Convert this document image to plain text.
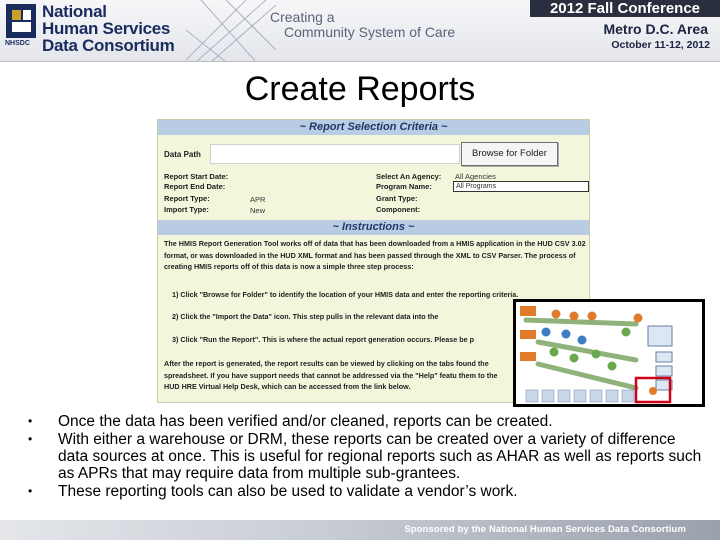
NHSDC
National
Human Services
Data Consortium
Creating a
Community System of Care
2012 Fall Conference
Metro D.C. Area
October 11-12, 2012
Create Reports
~ Report Selection Criteria ~
Data Path	Browse for Folder
Report Start Date:
Report End Date:
Report Type:	APR
Import Type:	New
Select An Agency: All Agencies
Program Name:	All Programs
Grant Type:
Component:
~ Instructions ~
The HMIS Report Generation Tool works off of data that has been downloaded from a HMIS application in the HUD CSV 3.02 format, or was downloaded in the HUD XML format and has been passed through the XML to CSV Parser. The process of creating HMIS reports off of this data is now a simple three step process:
1) Click "Browse for Folder" to identify the location of your HMIS data and enter the reporting criteria.
2) Click the "Import the Data" icon. This step pulls in the relevant data into the
3) Click "Run the Report". This is where the actual report generation occurs. Please be p
After the report is generated, the report results can be viewed by clicking on the tabs found the spreadsheet. If you have support needs that cannot be addressed via the "Help" featu them to the HUD HRE Virtual Help Desk, which can be accessed from the link below.
• Once the data has been verified and/or cleaned, reports can be created.
• With either a warehouse or DRM, these reports can be created over a variety of difference data sources at once. This is useful for regional reports such as AHAR as well as reports such as APRs that may require data from multiple sub-grantees.
• These reporting tools can also be used to validate a vendor’s work.
Sponsored by the National Human Services Data Consortium
